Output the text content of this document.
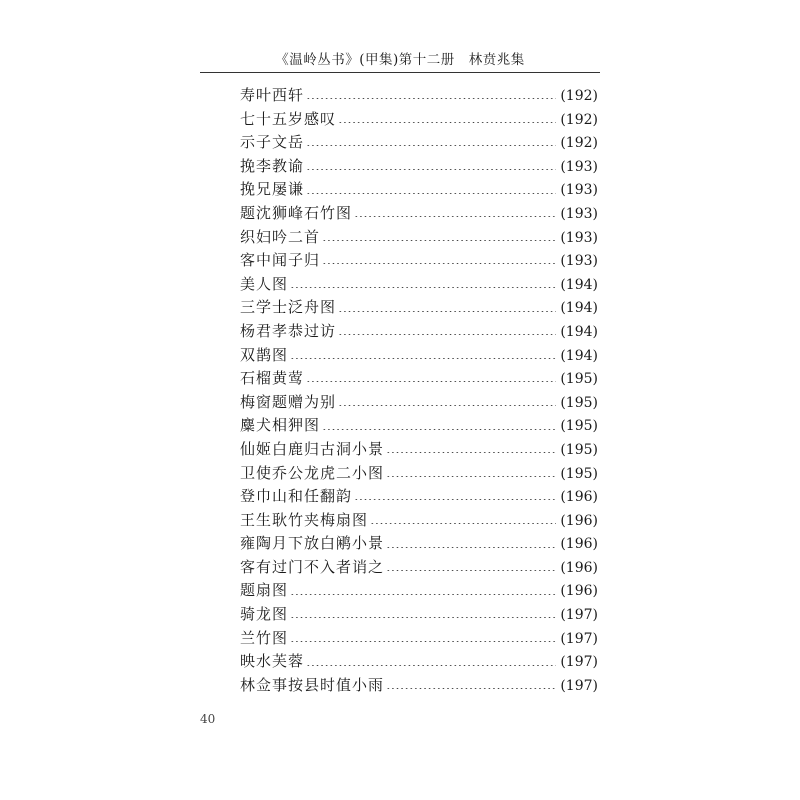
《温岭丛书》(甲集)第十二册　林贲兆集
寿叶西轩	(192)
七十五岁感叹	(192)
示子文岳	(192)
挽李教谕	(193)
挽兄屡谦	(193)
题沈狮峰石竹图	(193)
织妇吟二首	(193)
客中闻子归	(193)
美人图	(194)
三学士泛舟图	(194)
杨君孝恭过访	(194)
双鹊图	(194)
石榴黄莺	(195)
梅窗题赠为别	(195)
麋犬相狎图	(195)
仙姬白鹿归古洞小景	(195)
卫使乔公龙虎二小图	(195)
登巾山和任翻韵	(196)
王生耿竹夹梅扇图	(196)
雍陶月下放白鹇小景	(196)
客有过门不入者诮之	(196)
题扇图	(196)
骑龙图	(197)
兰竹图	(197)
映水芙蓉	(197)
林佥事按县时值小雨	(197)
40
